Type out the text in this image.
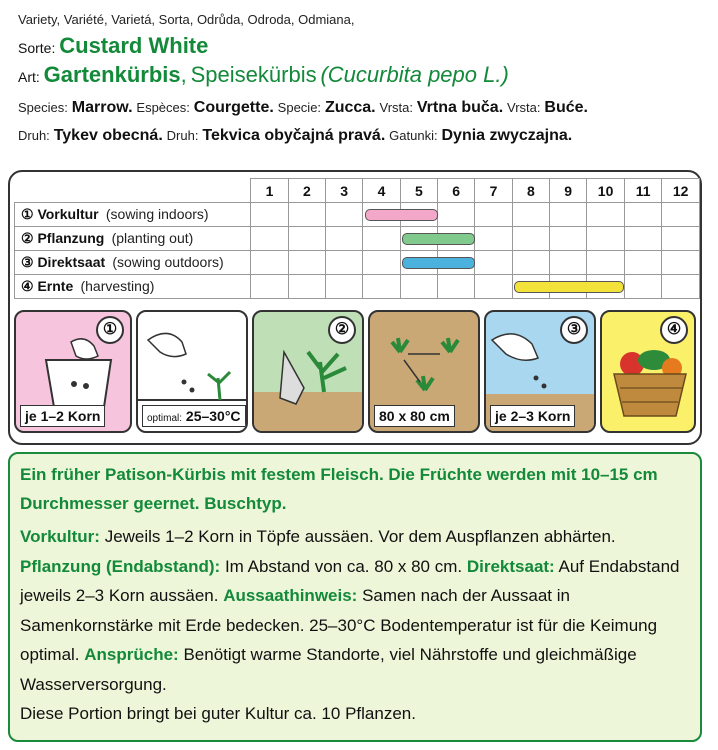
Variety, Variété, Varietá, Sorta, Odrůda, Odroda, Odmiana,
Sorte: Custard White
Art: Gartenkürbis, Speisekürbis (Cucurbita pepo L.)
Species: Marrow. Espèces: Courgette. Specie: Zucca. Vrsta: Vrtna buča. Vrsta: Buće.
Druh: Tykev obecná. Druh: Tekvica obyčajná pravá. Gatunki: Dynia zwyczajna.
	1	2	3	4	5	6	7	8	9	10	11	12
① Vorkultur (sowing indoors)												
② Pflanzung (planting out)												
③ Direktsaat (sowing outdoors)												
④ Ernte (harvesting)												
①
je 1–2 Korn	optimal: 25–30°C
②
80 x 80 cm
③
je 2–3 Korn
④
Ein früher Patison-Kürbis mit festem Fleisch. Die Früchte werden mit 10–15 cm Durchmesser geernet. Buschtyp.
Vorkultur: Jeweils 1–2 Korn in Töpfe aussäen. Vor dem Auspflanzen abhärten. Pflanzung (Endabstand): Im Abstand von ca. 80 x 80 cm. Direktsaat: Auf Endabstand jeweils 2–3 Korn aussäen. Aussaathinweis: Samen nach der Aussaat in Samenkornstärke mit Erde bedecken. 25–30°C Bodentemperatur ist für die Keimung optimal. Ansprüche: Benötigt warme Standorte, viel Nährstoffe und gleichmäßige Wasserversorgung.
Diese Portion bringt bei guter Kultur ca. 10 Pflanzen.
